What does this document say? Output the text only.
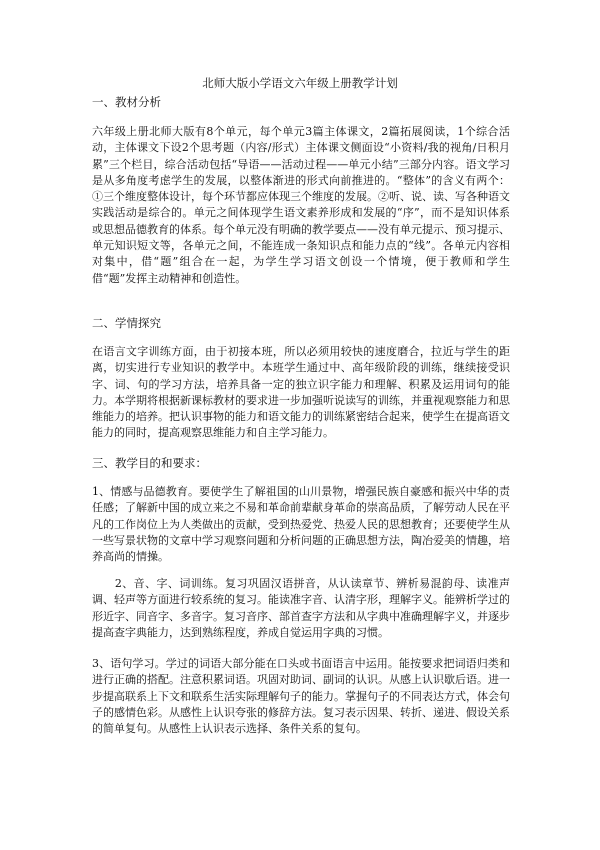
北师大版小学语文六年级上册教学计划
一、教材分析

六年级上册北师大版有8个单元，每个单元3篇主体课文，2篇拓展阅读，1个综合活动，主体课文下设2个思考题（内容/形式）主体课文侧面设“小资料/我的视角/日积月累”三个栏目，综合活动包括“导语——活动过程——单元小结”三部分内容。语文学习是从多角度考虑学生的发展，以整体渐进的形式向前推进的。“整体”的含义有两个：①三个维度整体设计，每个环节都应体现三个维度的发展。②听、说、读、写各种语文实践活动是综合的。单元之间体现学生语文素养形成和发展的“序”，而不是知识体系或思想品德教育的体系。每个单元没有明确的教学要点——没有单元提示、预习提示、单元知识短文等，各单元之间，不能连成一条知识点和能力点的“线”。各单元内容相对集中，借“题”组合在一起，为学生学习语文创设一个情境，便于教师和学生借“题”发挥主动精神和创造性。

二、学情探究

在语言文字训练方面，由于初接本班，所以必须用较快的速度磨合，拉近与学生的距离，切实进行专业知识的教学中。本班学生通过中、高年级阶段的训练，继续接受识字、词、句的学习方法，培养具备一定的独立识字能力和理解、积累及运用词句的能力。本学期将根据新课标教材的要求进一步加强听说读写的训练，并重视观察能力和思维能力的培养。把认识事物的能力和语文能力的训练紧密结合起来，使学生在提高语文能力的同时，提高观察思维能力和自主学习能力。

三、教学目的和要求：

1、情感与品德教育。要使学生了解祖国的山川景物，增强民族自豪感和振兴中华的责任感；了解新中国的成立来之不易和革命前辈献身革命的崇高品质，了解劳动人民在平凡的工作岗位上为人类做出的贡献，受到热爱党、热爱人民的思想教育；还要使学生从一些写景状物的文章中学习观察问题和分析问题的正确思想方法，陶冶爱美的情趣，培养高尚的情操。

　　2、音、字、词训练。复习巩固汉语拼音，从认读章节、辨析易混韵母、读准声调、轻声等方面进行较系统的复习。能读准字音、认清字形，理解字义。能辨析学过的形近字、同音字、多音字。复习音序、部首查字方法和从字典中准确理解字义，并逐步提高查字典能力，达到熟练程度，养成自觉运用字典的习惯。

3、语句学习。学过的词语大部分能在口头或书面语言中运用。能按要求把词语归类和进行正确的搭配。注意积累词语。巩固对助词、副词的认识。从感上认识歇后语。进一步提高联系上下文和联系生活实际理解句子的能力。掌握句子的不同表达方式，体会句子的感情色彩。从感性上认识夸张的修辞方法。复习表示因果、转折、递进、假设关系的简单复句。从感性上认识表示选择、条件关系的复句。
